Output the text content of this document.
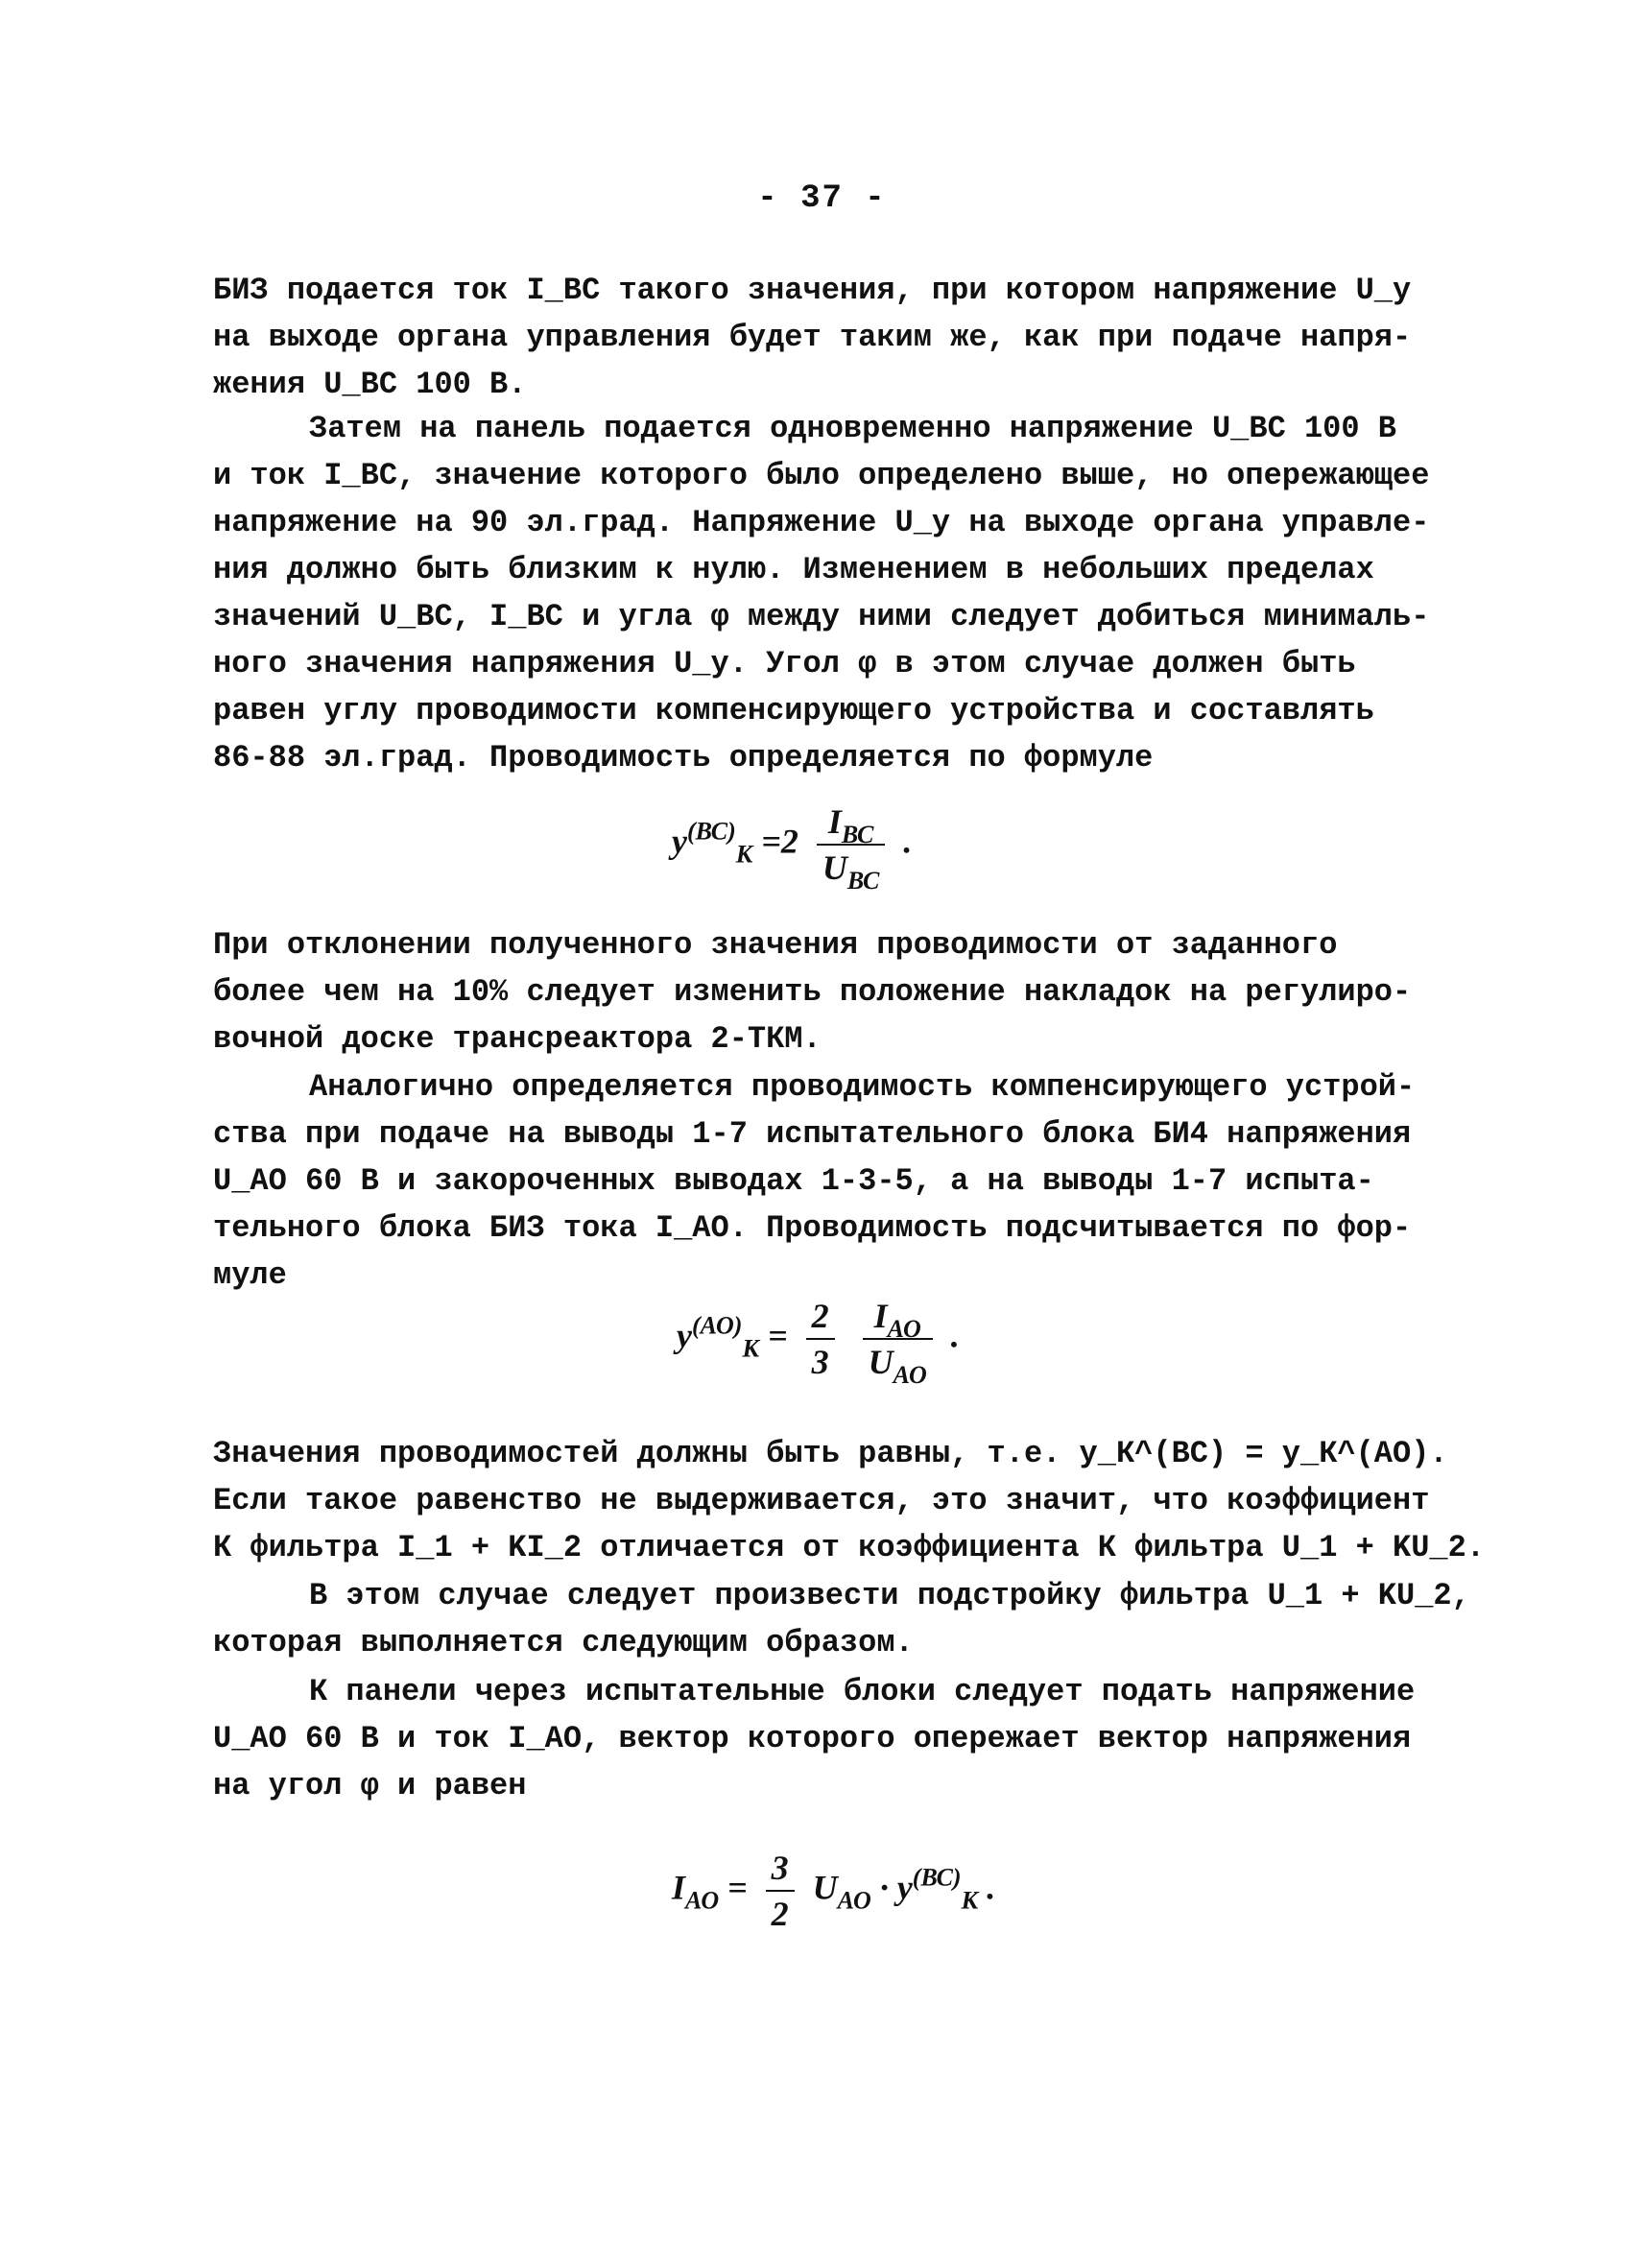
- 37 -
БИЗ подается ток I_ВС такого значения, при котором напряжение U_у
на выходе органа управления будет таким же, как при подаче напря-
жения U_ВС 100 В.
Затем на панель подается одновременно напряжение U_ВС 100 В
и ток I_ВС, значение которого было определено выше, но опережающее
напряжение на 90 эл.град. Напряжение U_у на выходе органа управле-
ния должно быть близким к нулю. Изменением в небольших пределах
значений U_ВС, I_ВС и угла φ между ними следует добиться минималь-
ного значения напряжения U_у. Угол φ в этом случае должен быть
равен углу проводимости компенсирующего устройства и составлять
86-88 эл.град. Проводимость определяется по формуле
$y^{(ВС)}_К =2 \frac{I_{ВС}}{U_{ВС}}$ .
При отклонении полученного значения проводимости от заданного
более чем на 10% следует изменить положение накладок на регулиро-
вочной доске трансреактора 2-ТКМ.
Аналогично определяется проводимость компенсирующего устрой-
ства при подаче на выводы 1-7 испытательного блока БИ4 напряжения
U_АО 60 В и закороченных выводах 1-3-5, а на выводы 1-7 испыта-
тельного блока БИЗ тока I_АО. Проводимость подсчитывается по фор-
муле
$y^{(АО)}_К = \frac{2}{3}$
$\frac{I_{АО}}{U_{АО}}$ .
Значения проводимостей должны быть равны, т.е. y_К^(ВС) = y_К^(АО).
Если такое равенство не выдерживается, это значит, что коэффициент
К фильтра I_1 + KI_2 отличается от коэффициента К фильтра U_1 + KU_2.
В этом случае следует произвести подстройку фильтра U_1 + KU_2,
которая выполняется следующим образом.
К панели через испытательные блоки следует подать напряжение
U_АО 60 В и ток I_АО, вектор которого опережает вектор напряжения
на угол φ и равен
$I_{АО} = \frac{3}{2} U_{АО} \cdot y^{(ВС)}_К$ .
